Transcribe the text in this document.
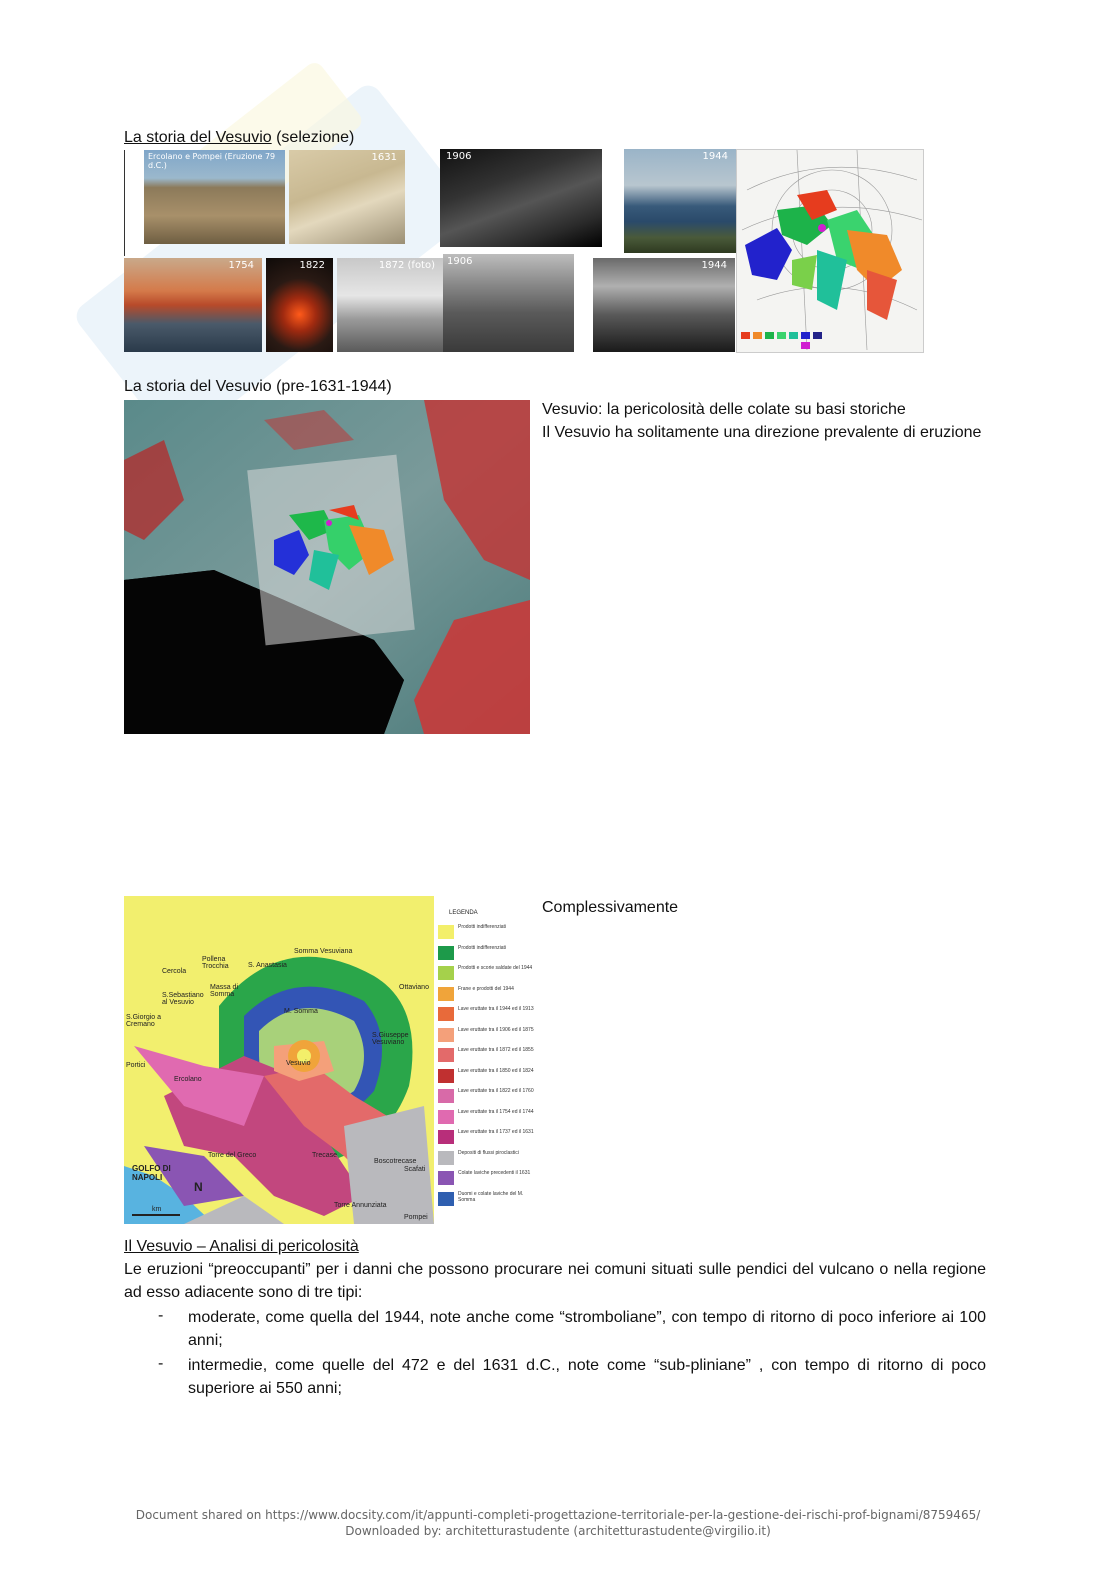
La storia del Vesuvio (selezione)
Ercolano e Pompei (Eruzione 79 d.C.)
1631	1906	1944
1754	1822	1872 (foto) 1906	1944
La storia del Vesuvio (pre-1631-1944)
Vesuvio: la pericolosità delle colate su basi storiche
Il Vesuvio ha solitamente una direzione prevalente di eruzione
Somma Vesuviana
Ottaviano
S. Anastasia
Pollena Trocchia
Cercola
Massa di Somma
S.Sebastiano al Vesuvio
S.Giorgio a Cremano
S.Giuseppe Vesuviano
Portici
Ercolano
Vesuvio
M. Somma
Torre del Greco	Trecase
Boscotrecase
Scafati
Torre Annunziata
Pompei
GOLFO DI NAPOLI
N
km
LEGENDA
Prodotti indifferenziati
Prodotti indifferenziati
Prodotti e scorie saldate del 1944
Frane e prodotti del 1944
Lave eruttate tra il 1944 ed il 1913
Lave eruttate tra il 1906 ed il 1875
Lave eruttate tra il 1872 ed il 1855
Lave eruttate tra il 1850 ed il 1824
Lave eruttate tra il 1822 ed il 1760
Lave eruttate tra il 1754 ed il 1744
Lave eruttate tra il 1737 ed il 1631
Depositi di flussi piroclastici
Colate laviche precedenti il 1631
Duomi e colate laviche del M. Somma
Complessivamente
Il Vesuvio – Analisi di pericolosità
Le eruzioni “preoccupanti” per i danni che possono procurare nei comuni situati sulle pendici del vulcano o nella regione ad esso adiacente sono di tre tipi:
- moderate, come quella del 1944, note anche come “stromboliane”, con tempo di ritorno di poco inferiore ai 100 anni;
- intermedie, come quelle del 472 e del 1631 d.C., note come “sub-pliniane” , con tempo di ritorno di poco superiore ai 550 anni;
Document shared on https://www.docsity.com/it/appunti-completi-progettazione-territoriale-per-la-gestione-dei-rischi-prof-bignami/8759465/
Downloaded by: architetturastudente (architetturastudente@virgilio.it)
